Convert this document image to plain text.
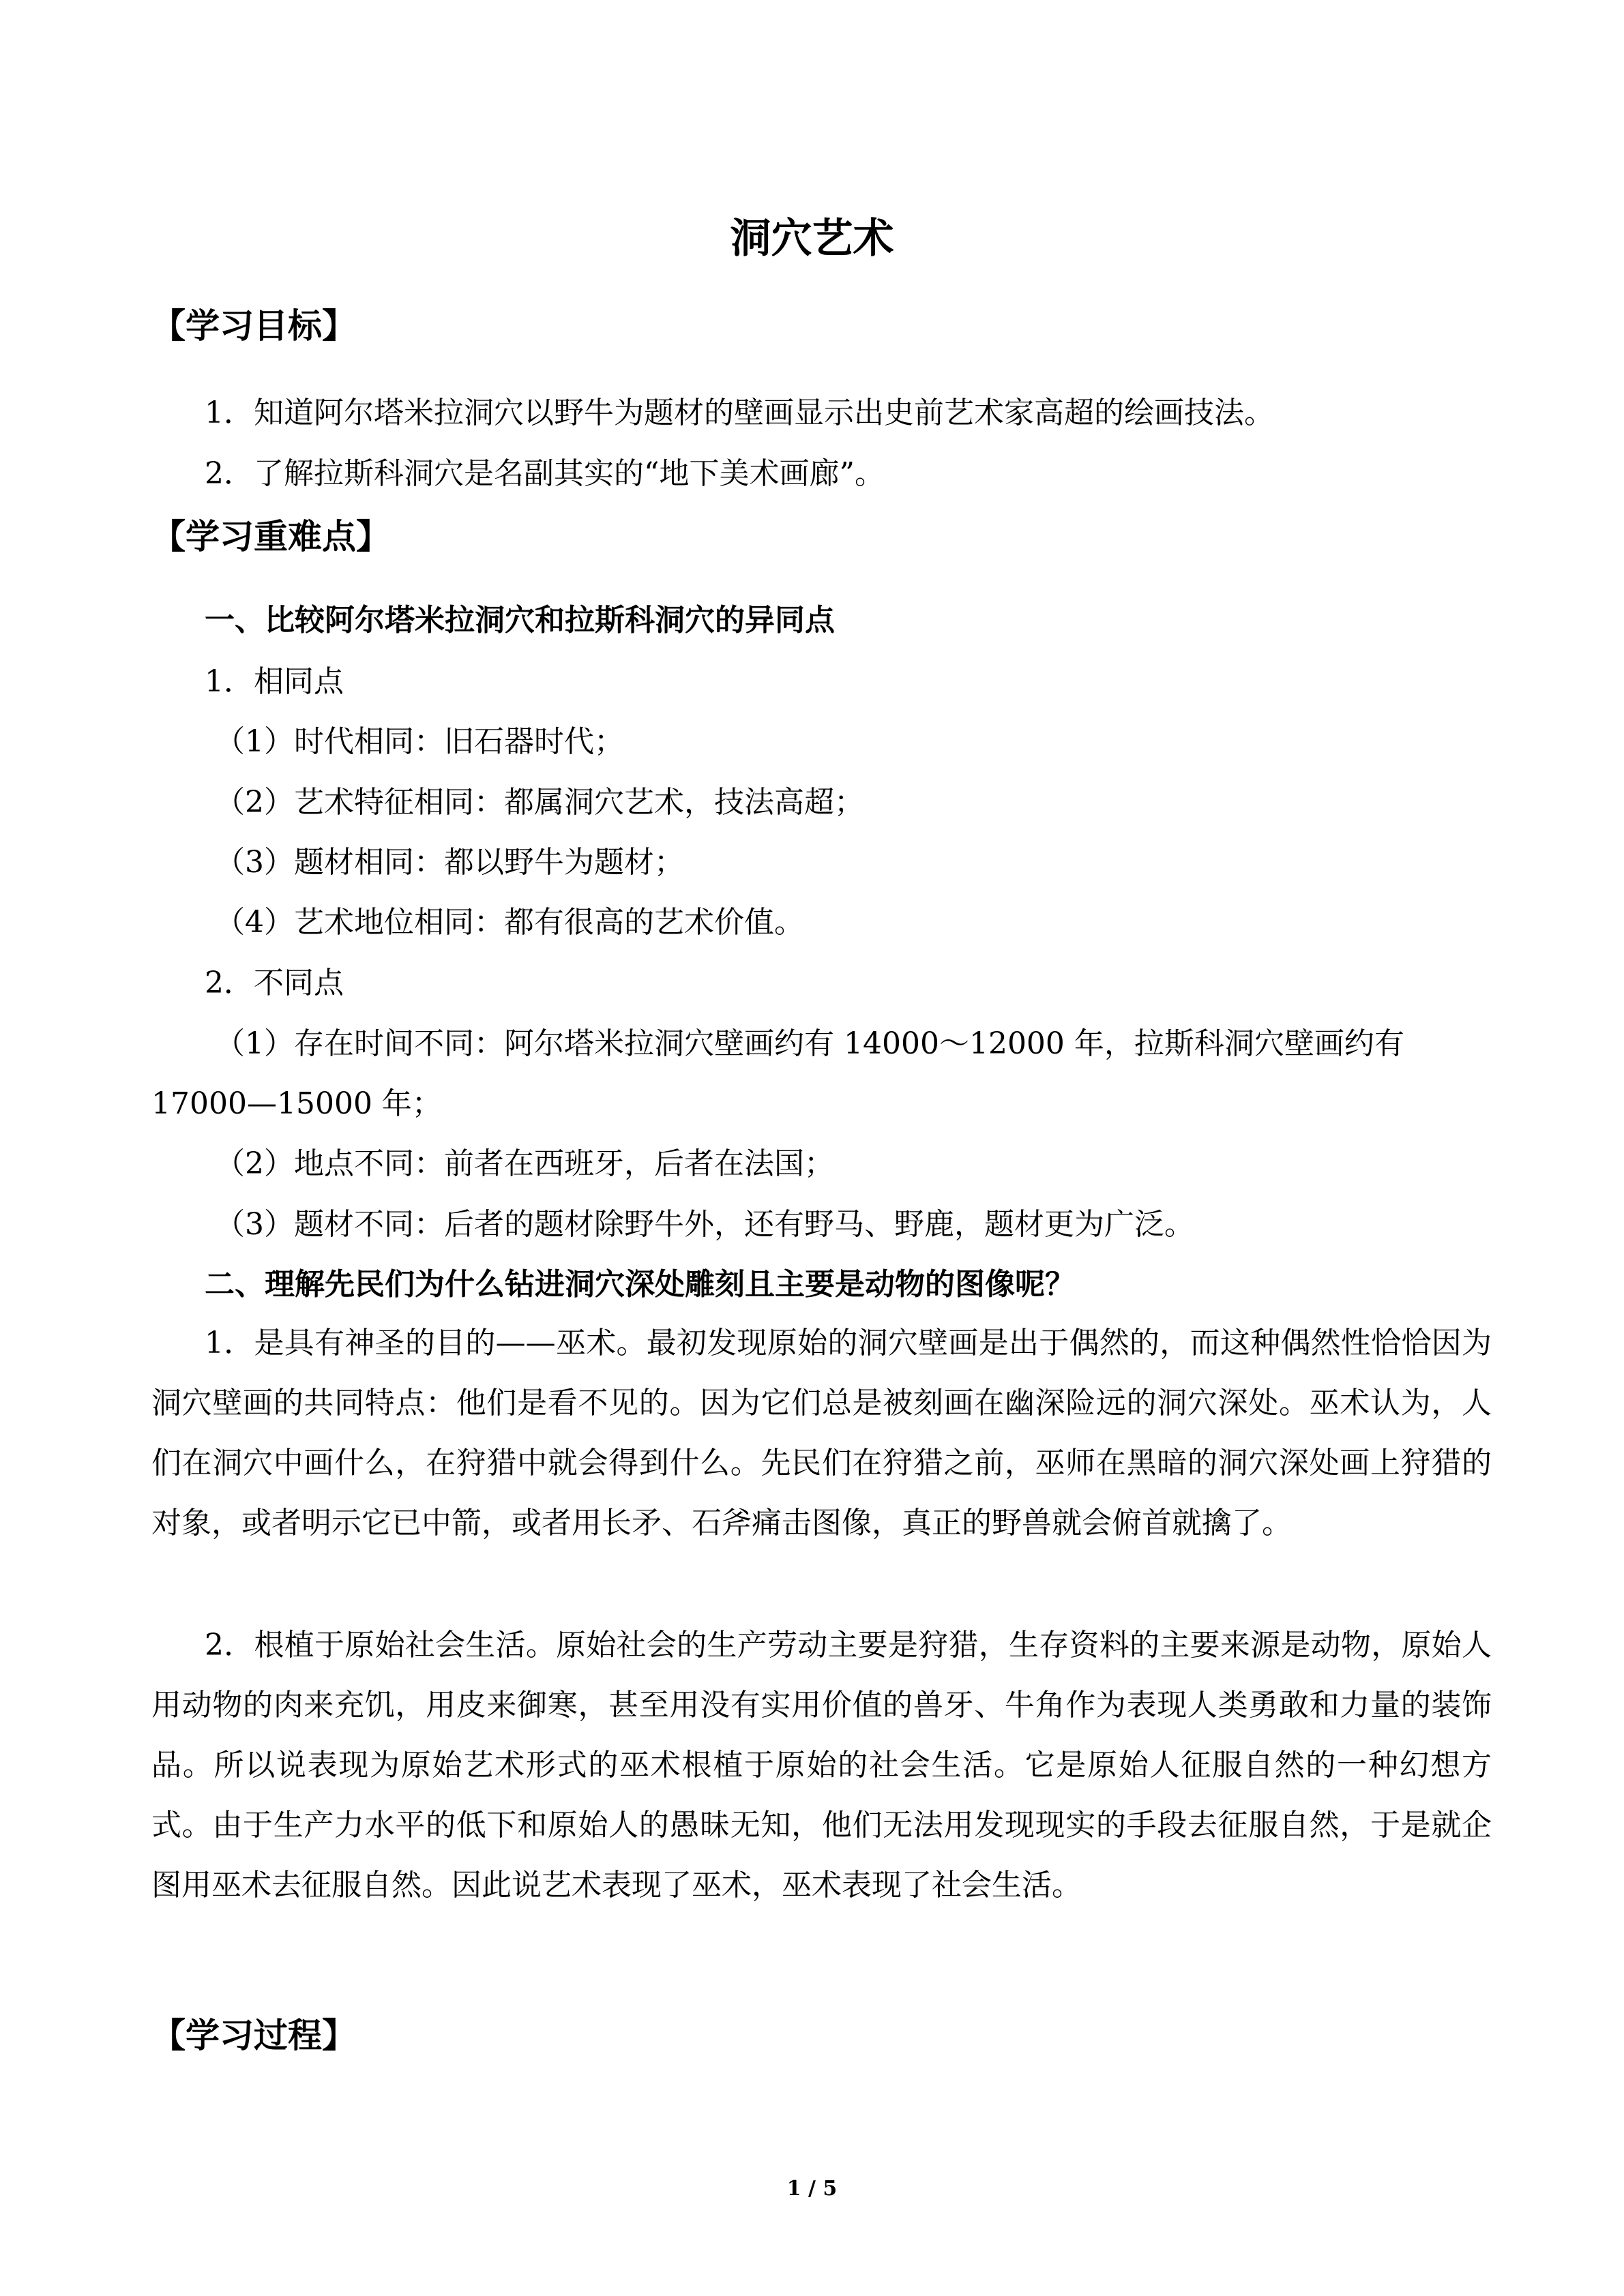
洞穴艺术
【学习目标】
1．知道阿尔塔米拉洞穴以野牛为题材的壁画显示出史前艺术家高超的绘画技法。
2．了解拉斯科洞穴是名副其实的“地下美术画廊”。
【学习重难点】
一、比较阿尔塔米拉洞穴和拉斯科洞穴的异同点
1．相同点
（1）时代相同：旧石器时代；
（2）艺术特征相同：都属洞穴艺术，技法高超；
（3）题材相同：都以野牛为题材；
（4）艺术地位相同：都有很高的艺术价值。
2．不同点
（1）存在时间不同：阿尔塔米拉洞穴壁画约有 14000～12000 年，拉斯科洞穴壁画约有
17000—15000 年；
（2）地点不同：前者在西班牙，后者在法国；
（3）题材不同：后者的题材除野牛外，还有野马、野鹿，题材更为广泛。
二、理解先民们为什么钻进洞穴深处雕刻且主要是动物的图像呢？
1．是具有神圣的目的——巫术。最初发现原始的洞穴壁画是出于偶然的，而这种偶然性恰恰因为洞穴壁画的共同特点：他们是看不见的。因为它们总是被刻画在幽深险远的洞穴深处。巫术认为，人们在洞穴中画什么，在狩猎中就会得到什么。先民们在狩猎之前，巫师在黑暗的洞穴深处画上狩猎的对象，或者明示它已中箭，或者用长矛、石斧痛击图像，真正的野兽就会俯首就擒了。
2．根植于原始社会生活。原始社会的生产劳动主要是狩猎，生存资料的主要来源是动物，原始人用动物的肉来充饥，用皮来御寒，甚至用没有实用价值的兽牙、牛角作为表现人类勇敢和力量的装饰品。所以说表现为原始艺术形式的巫术根植于原始的社会生活。它是原始人征服自然的一种幻想方式。由于生产力水平的低下和原始人的愚昧无知，他们无法用发现现实的手段去征服自然，于是就企图用巫术去征服自然。因此说艺术表现了巫术，巫术表现了社会生活。
【学习过程】
1 / 5
